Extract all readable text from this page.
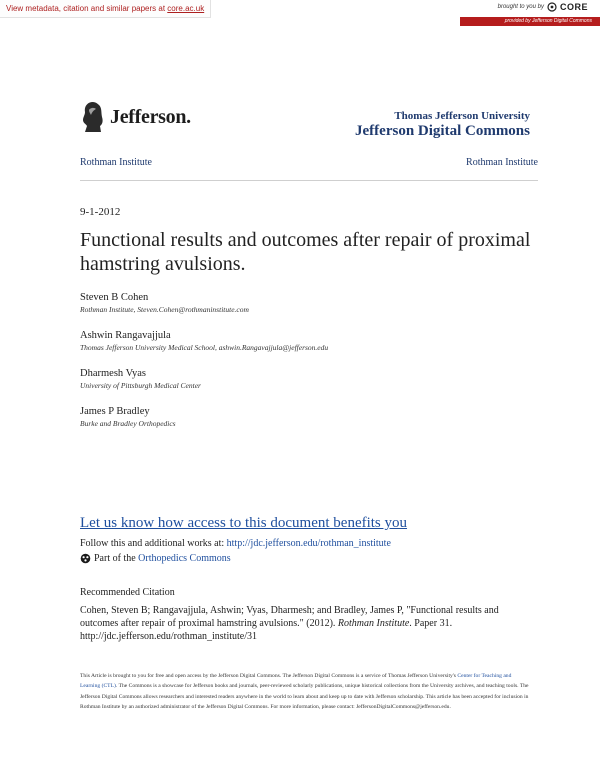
View metadata, citation and similar papers at core.ac.uk	brought to you by CORE
provided by Jefferson Digital Commons
Jefferson.	Thomas Jefferson University
Jefferson Digital Commons
Rothman Institute	Rothman Institute
9-1-2012
Functional results and outcomes after repair of proximal hamstring avulsions.
Steven B Cohen
Rothman Institute, Steven.Cohen@rothmaninstitute.com
Ashwin Rangavajjula
Thomas Jefferson University Medical School, ashwin.Rangavajjula@jefferson.edu
Dharmesh Vyas
University of Pittsburgh Medical Center
James P Bradley
Burke and Bradley Orthopedics
Let us know how access to this document benefits you
Follow this and additional works at: http://jdc.jefferson.edu/rothman_institute
Part of the Orthopedics Commons
Recommended Citation
Cohen, Steven B; Rangavajjula, Ashwin; Vyas, Dharmesh; and Bradley, James P, "Functional results and outcomes after repair of proximal hamstring avulsions." (2012). Rothman Institute. Paper 31.
http://jdc.jefferson.edu/rothman_institute/31
This Article is brought to you for free and open access by the Jefferson Digital Commons. The Jefferson Digital Commons is a service of Thomas Jefferson University's Center for Teaching and Learning (CTL). The Commons is a showcase for Jefferson books and journals, peer-reviewed scholarly publications, unique historical collections from the University archives, and teaching tools. The Jefferson Digital Commons allows researchers and interested readers anywhere in the world to learn about and keep up to date with Jefferson scholarship. This article has been accepted for inclusion in Rothman Institute by an authorized administrator of the Jefferson Digital Commons. For more information, please contact: JeffersonDigitalCommons@jefferson.edu.
